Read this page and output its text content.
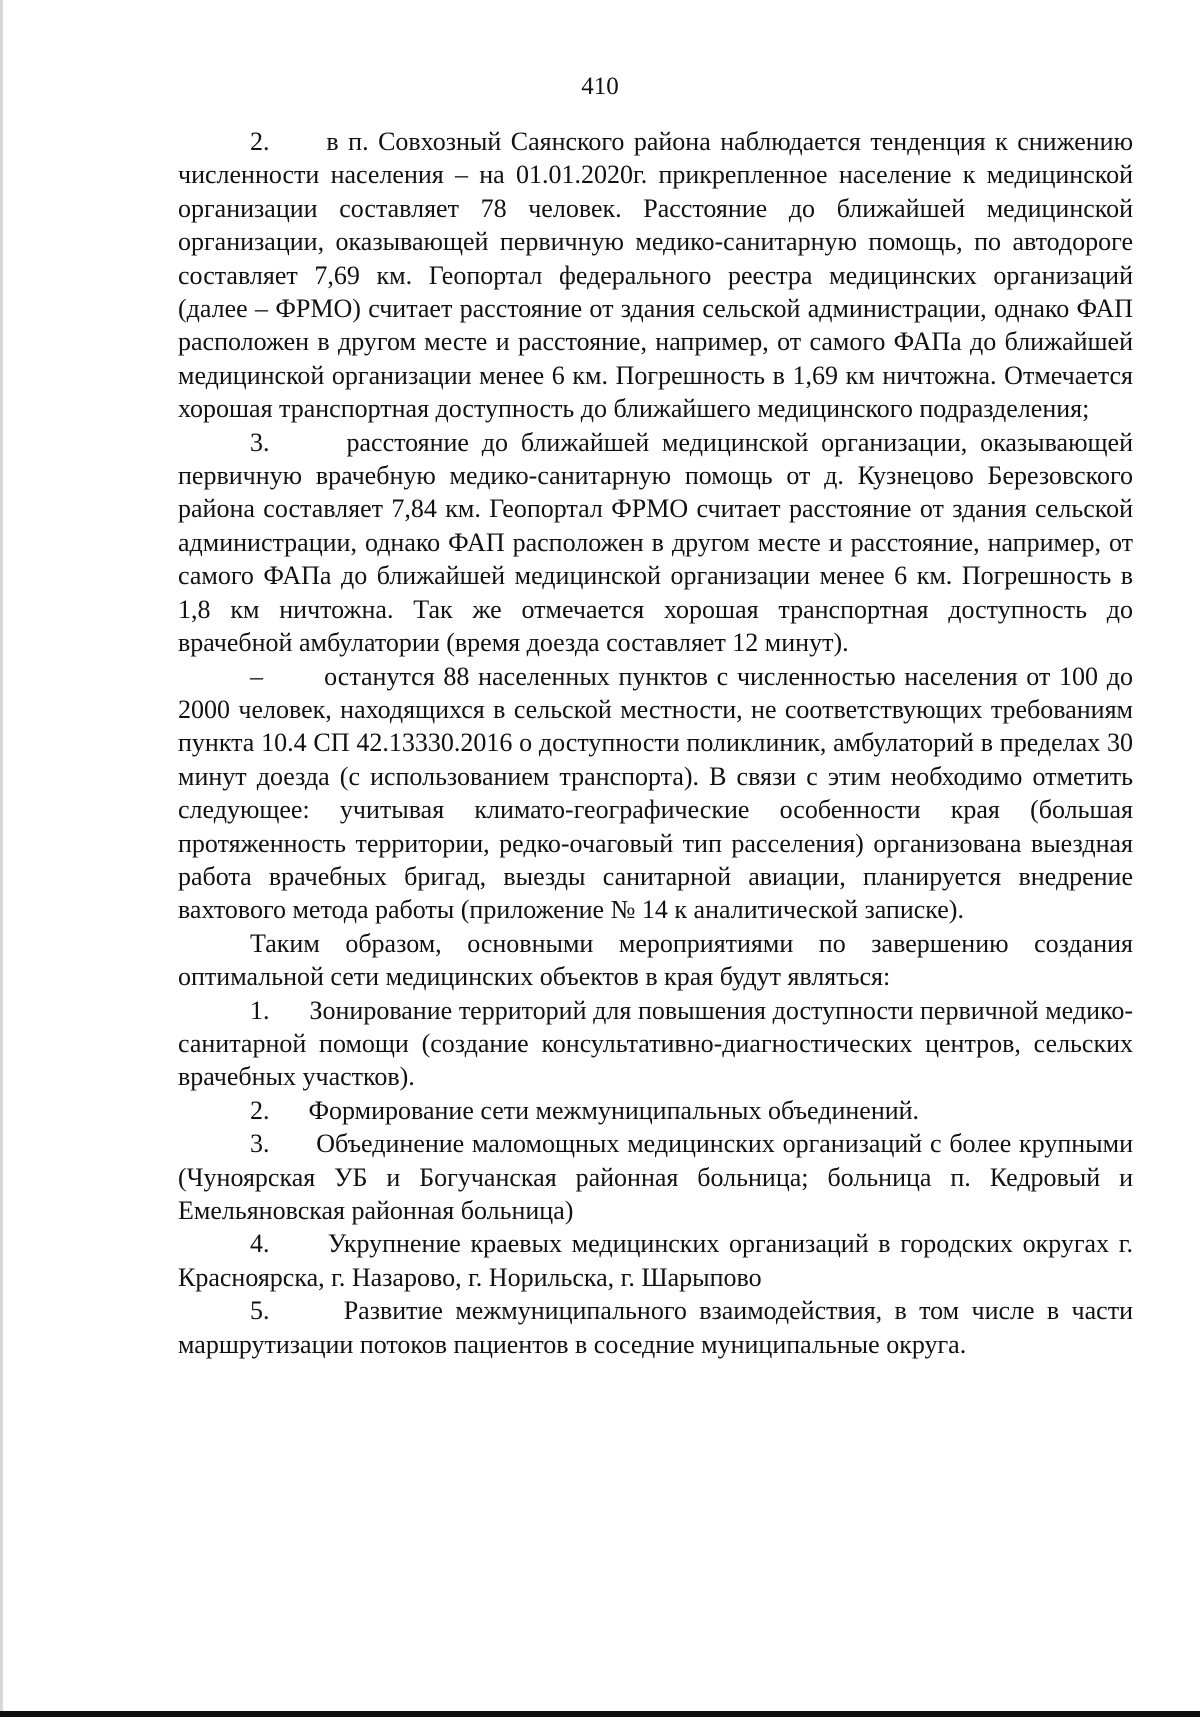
410

2.      в п. Совхозный Саянского района наблюдается тенденция к снижению численности населения – на 01.01.2020г. прикрепленное население к медицинской организации составляет 78 человек. Расстояние до ближайшей медицинской организации, оказывающей первичную медико-санитарную помощь, по автодороге составляет 7,69 км. Геопортал федерального реестра медицинских организаций (далее – ФРМО) считает расстояние от здания сельской администрации, однако ФАП расположен в другом месте и расстояние, например, от самого ФАПа до ближайшей медицинской организации менее 6 км. Погрешность в 1,69 км ничтожна. Отмечается хорошая транспортная доступность до ближайшего медицинского подразделения;

3.      расстояние до ближайшей медицинской организации, оказывающей первичную врачебную медико-санитарную помощь от д. Кузнецово Березовского района составляет 7,84 км. Геопортал ФРМО считает расстояние от здания сельской администрации, однако ФАП расположен в другом месте и расстояние, например, от самого ФАПа до ближайшей медицинской организации менее 6 км. Погрешность в 1,8 км ничтожна. Так же отмечается хорошая транспортная доступность до врачебной амбулатории (время доезда составляет 12 минут).

–       останутся 88 населенных пунктов с численностью населения от 100 до 2000 человек, находящихся в сельской местности, не соответствующих требованиям пункта 10.4 СП 42.13330.2016 о доступности поликлиник, амбулаторий в пределах 30 минут доезда (с использованием транспорта). В связи с этим необходимо отметить следующее: учитывая климато-географические особенности края (большая протяженность территории, редко-очаговый тип расселения) организована выездная работа врачебных бригад, выезды санитарной авиации, планируется внедрение вахтового метода работы (приложение № 14 к аналитической записке).

Таким образом, основными мероприятиями по завершению создания оптимальной сети медицинских объектов в края будут являться:

1.      Зонирование территорий для повышения доступности первичной медико-санитарной помощи (создание консультативно-диагностических центров, сельских врачебных участков).

2.      Формирование сети межмуниципальных объединений.

3.      Объединение маломощных медицинских организаций с более крупными (Чуноярская УБ и Богучанская районная больница; больница п. Кедровый и Емельяновская районная больница)

4.      Укрупнение краевых медицинских организаций в городских округах г. Красноярска, г. Назарово, г. Норильска, г. Шарыпово

5.      Развитие межмуниципального взаимодействия, в том числе в части маршрутизации потоков пациентов в соседние муниципальные округа.
